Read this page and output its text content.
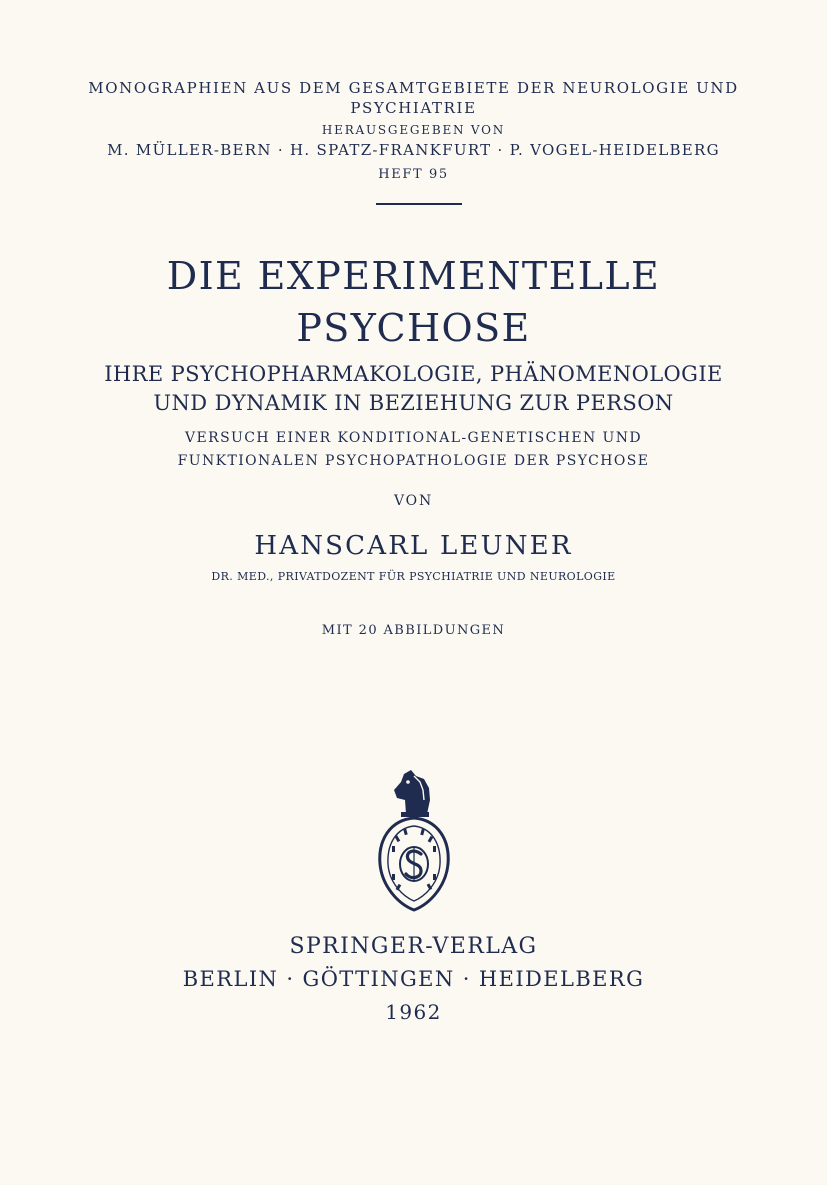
MONOGRAPHIEN AUS DEM GESAMTGEBIETE DER NEUROLOGIE UND
PSYCHIATRIE
HERAUSGEGEBEN VON
M. MÜLLER-BERN · H. SPATZ-FRANKFURT · P. VOGEL-HEIDELBERG
HEFT 95
DIE EXPERIMENTELLE
PSYCHOSE
IHRE PSYCHOPHARMAKOLOGIE, PHÄNOMENOLOGIE
UND DYNAMIK IN BEZIEHUNG ZUR PERSON
VERSUCH EINER KONDITIONAL-GENETISCHEN UND
FUNKTIONALEN PSYCHOPATHOLOGIE DER PSYCHOSE
VON
HANSCARL LEUNER
DR. MED., PRIVATDOZENT FÜR PSYCHIATRIE UND NEUROLOGIE
MIT 20 ABBILDUNGEN
SPRINGER-VERLAG
BERLIN · GÖTTINGEN · HEIDELBERG
1962
